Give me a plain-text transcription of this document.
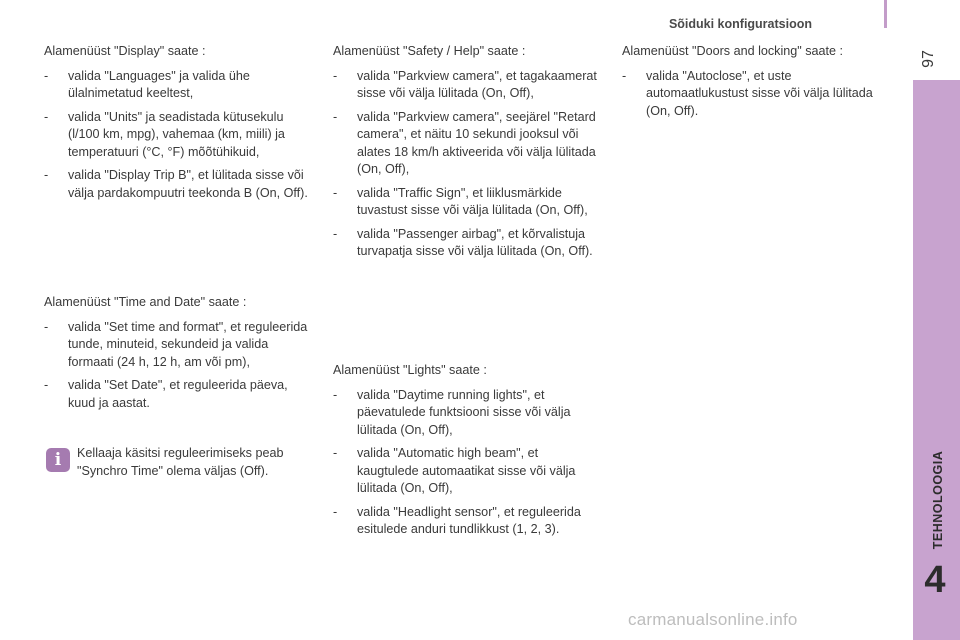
Sõiduki konfiguratsioon
97
TEHNOLOOGIA
4

Alamenüüst "Display" saate :

- valida "Languages" ja valida ühe ülalnimetatud keeltest,
- valida "Units" ja seadistada kütusekulu (l/100 km, mpg), vahemaa (km, miili) ja temperatuuri (°C, °F) mõõtühikuid,
- valida "Display Trip B", et lülitada sisse või välja pardakompuutri teekonda B (On, Off).

Alamenüüst "Time and Date" saate :

- valida "Set time and format", et reguleerida tunde, minuteid, sekundeid ja valida formaati (24 h, 12 h, am või pm),
- valida "Set Date", et reguleerida päeva, kuud ja aastat.
i	Kellaaja käsitsi reguleerimiseks peab "Synchro Time" olema väljas (Off).

Alamenüüst "Safety / Help" saate :

- valida "Parkview camera", et tagakaamerat sisse või välja lülitada (On, Off),
- valida "Parkview camera", seejärel "Retard camera", et näitu 10 sekundi jooksul või alates 18 km/h aktiveerida või välja lülitada (On, Off),
- valida "Traffic Sign", et liiklusmärkide tuvastust sisse või välja lülitada (On, Off),
- valida "Passenger airbag", et kõrvalistuja turvapatja sisse või välja lülitada (On, Off).

Alamenüüst "Lights" saate :

- valida "Daytime running lights", et päevatulede funktsiooni sisse või välja lülitada (On, Off),
- valida "Automatic high beam", et kaugtulede automaatikat sisse või välja lülitada (On, Off),
- valida "Headlight sensor", et reguleerida esitulede anduri tundlikkust (1, 2, 3).

Alamenüüst "Doors and locking" saate :

- valida "Autoclose", et uste automaatlukustust sisse või välja lülitada (On, Off).
carmanualsonline.info
